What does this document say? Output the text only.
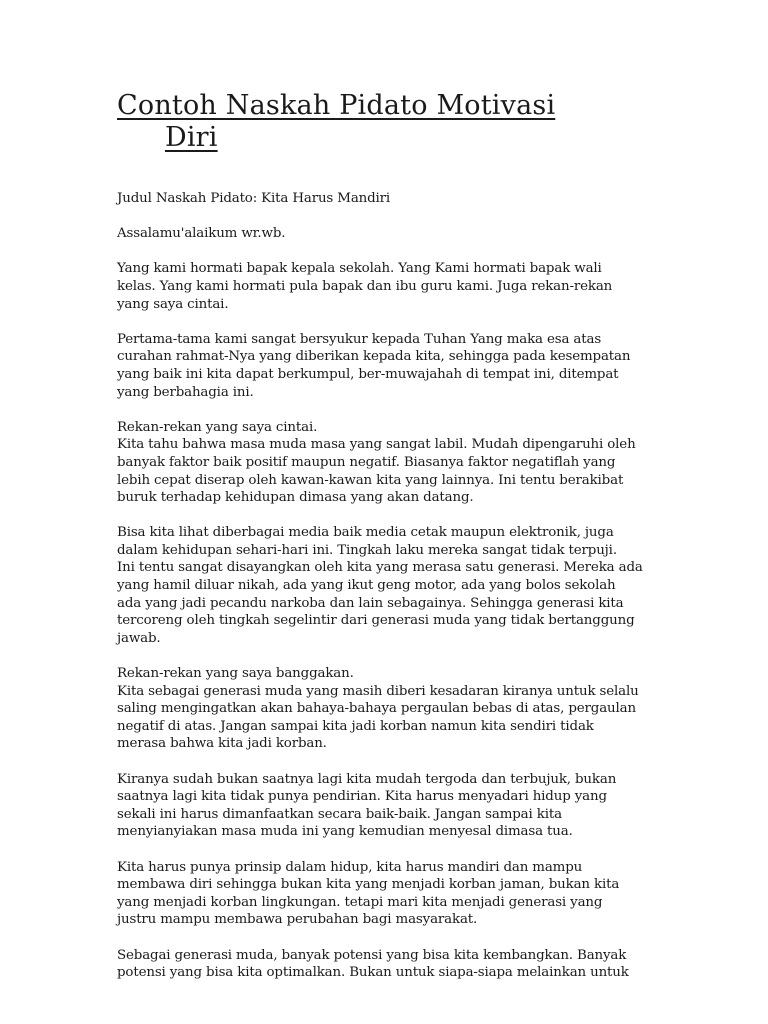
Contoh Naskah Pidato Motivasi
Diri
Judul Naskah Pidato: Kita Harus Mandiri
Assalamu'alaikum wr.wb.
Yang kami hormati bapak kepala sekolah. Yang Kami hormati bapak wali
kelas. Yang kami hormati pula bapak dan ibu guru kami. Juga rekan-rekan
yang saya cintai.
Pertama-tama kami sangat bersyukur kepada Tuhan Yang maka esa atas
curahan rahmat-Nya yang diberikan kepada kita, sehingga pada kesempatan
yang baik ini kita dapat berkumpul, ber-muwajahah di tempat ini, ditempat
yang berbahagia ini.
Rekan-rekan yang saya cintai.
Kita tahu bahwa masa muda masa yang sangat labil. Mudah dipengaruhi oleh
banyak faktor baik positif maupun negatif. Biasanya faktor negatiflah yang
lebih cepat diserap oleh kawan-kawan kita yang lainnya. Ini tentu berakibat
buruk terhadap kehidupan dimasa yang akan datang.
Bisa kita lihat diberbagai media baik media cetak maupun elektronik, juga
dalam kehidupan sehari-hari ini. Tingkah laku mereka sangat tidak terpuji.
Ini tentu sangat disayangkan oleh kita yang merasa satu generasi. Mereka ada
yang hamil diluar nikah, ada yang ikut geng motor, ada yang bolos sekolah
ada yang jadi pecandu narkoba dan lain sebagainya. Sehingga generasi kita
tercoreng oleh tingkah segelintir dari generasi muda yang tidak bertanggung
jawab.
Rekan-rekan yang saya banggakan.
Kita sebagai generasi muda yang masih diberi kesadaran kiranya untuk selalu
saling mengingatkan akan bahaya-bahaya pergaulan bebas di atas, pergaulan
negatif di atas. Jangan sampai kita jadi korban namun kita sendiri tidak
merasa bahwa kita jadi korban.
Kiranya sudah bukan saatnya lagi kita mudah tergoda dan terbujuk, bukan
saatnya lagi kita tidak punya pendirian. Kita harus menyadari hidup yang
sekali ini harus dimanfaatkan secara baik-baik. Jangan sampai kita
menyianyiakan masa muda ini yang kemudian menyesal dimasa tua.
Kita harus punya prinsip dalam hidup, kita harus mandiri dan mampu
membawa diri sehingga bukan kita yang menjadi korban jaman, bukan kita
yang menjadi korban lingkungan. tetapi mari kita menjadi generasi yang
justru mampu membawa perubahan bagi masyarakat.
Sebagai generasi muda, banyak potensi yang bisa kita kembangkan. Banyak
potensi yang bisa kita optimalkan. Bukan untuk siapa-siapa melainkan untuk
